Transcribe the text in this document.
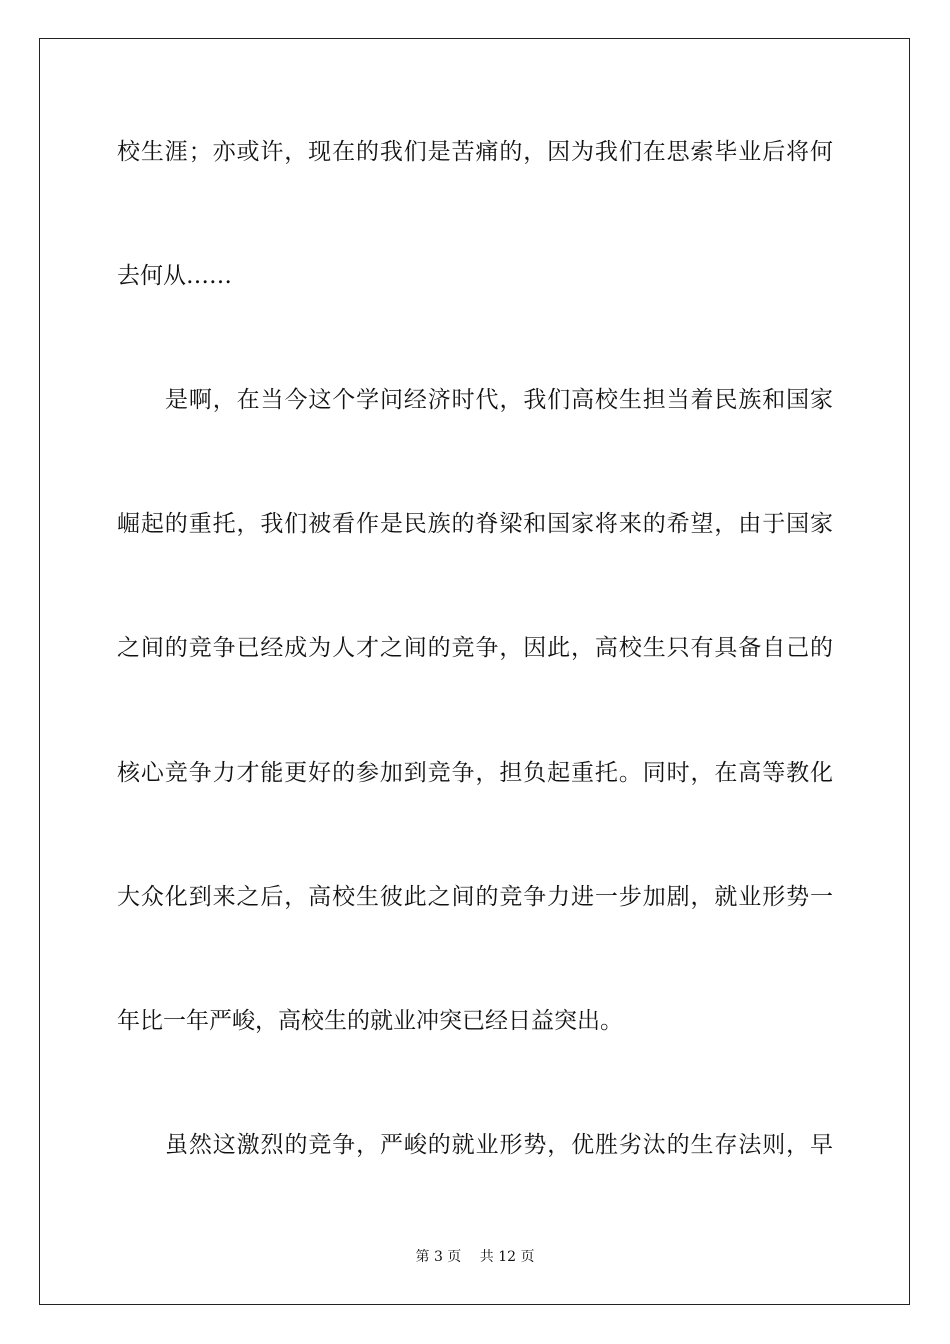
校生涯；亦或许，现在的我们是苦痛的，因为我们在思索毕业后将何
去何从……
是啊，在当今这个学问经济时代，我们高校生担当着民族和国家
崛起的重托，我们被看作是民族的脊梁和国家将来的希望，由于国家
之间的竞争已经成为人才之间的竞争，因此，高校生只有具备自己的
核心竞争力才能更好的参加到竞争，担负起重托。同时，在高等教化
大众化到来之后，高校生彼此之间的竞争力进一步加剧，就业形势一
年比一年严峻，高校生的就业冲突已经日益突出。
虽然这激烈的竞争，严峻的就业形势，优胜劣汰的生存法则，早
第 3 页　 共 12 页
